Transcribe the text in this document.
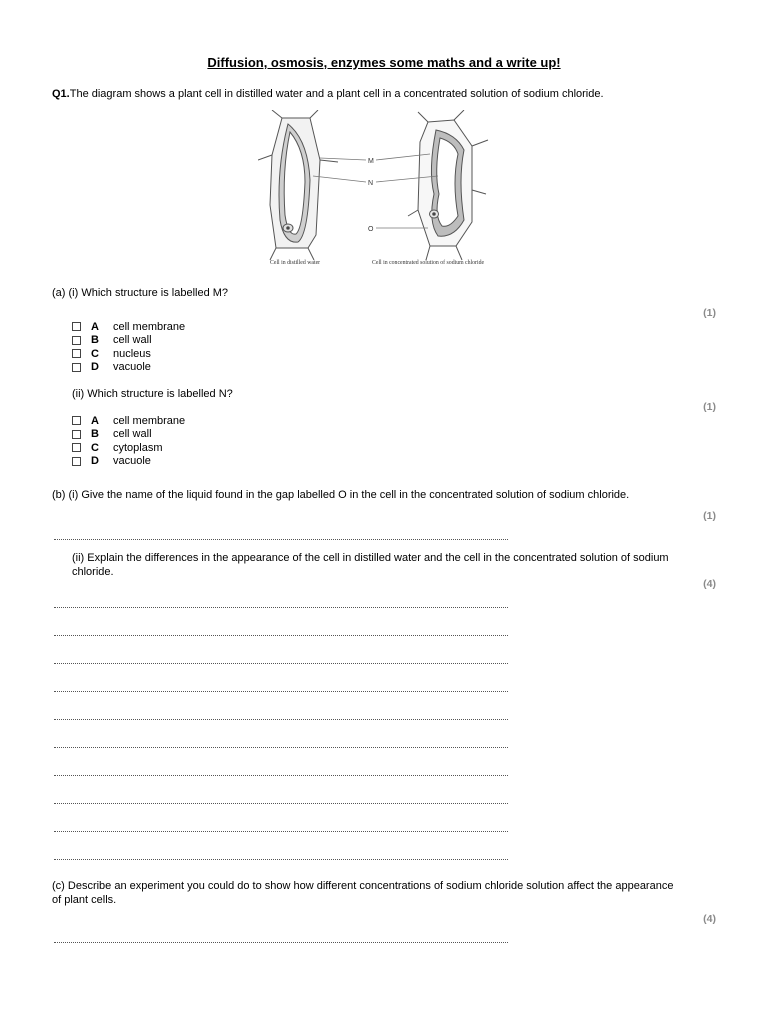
Diffusion, osmosis, enzymes some maths and a write up!
Q1.The diagram shows a plant cell in distilled water and a plant cell in a concentrated solution of sodium chloride.
M
N
O
Cell in distilled water	Cell in concentrated solution of sodium chloride
(a) (i) Which structure is labelled M?
(1)
A	cell membrane
B	cell wall
C	nucleus
D	vacuole
(ii) Which structure is labelled N?
(1)
A	cell membrane
B	cell wall
C	cytoplasm
D	vacuole
(b) (i) Give the name of the liquid found in the gap labelled O in the cell in the concentrated solution of sodium chloride.
(1)
(ii) Explain the differences in the appearance of the cell in distilled water and the cell in the concentrated solution of sodium
chloride.
(4)
(c) Describe an experiment you could do to show how different concentrations of sodium chloride solution affect the appearance
of plant cells.
(4)
